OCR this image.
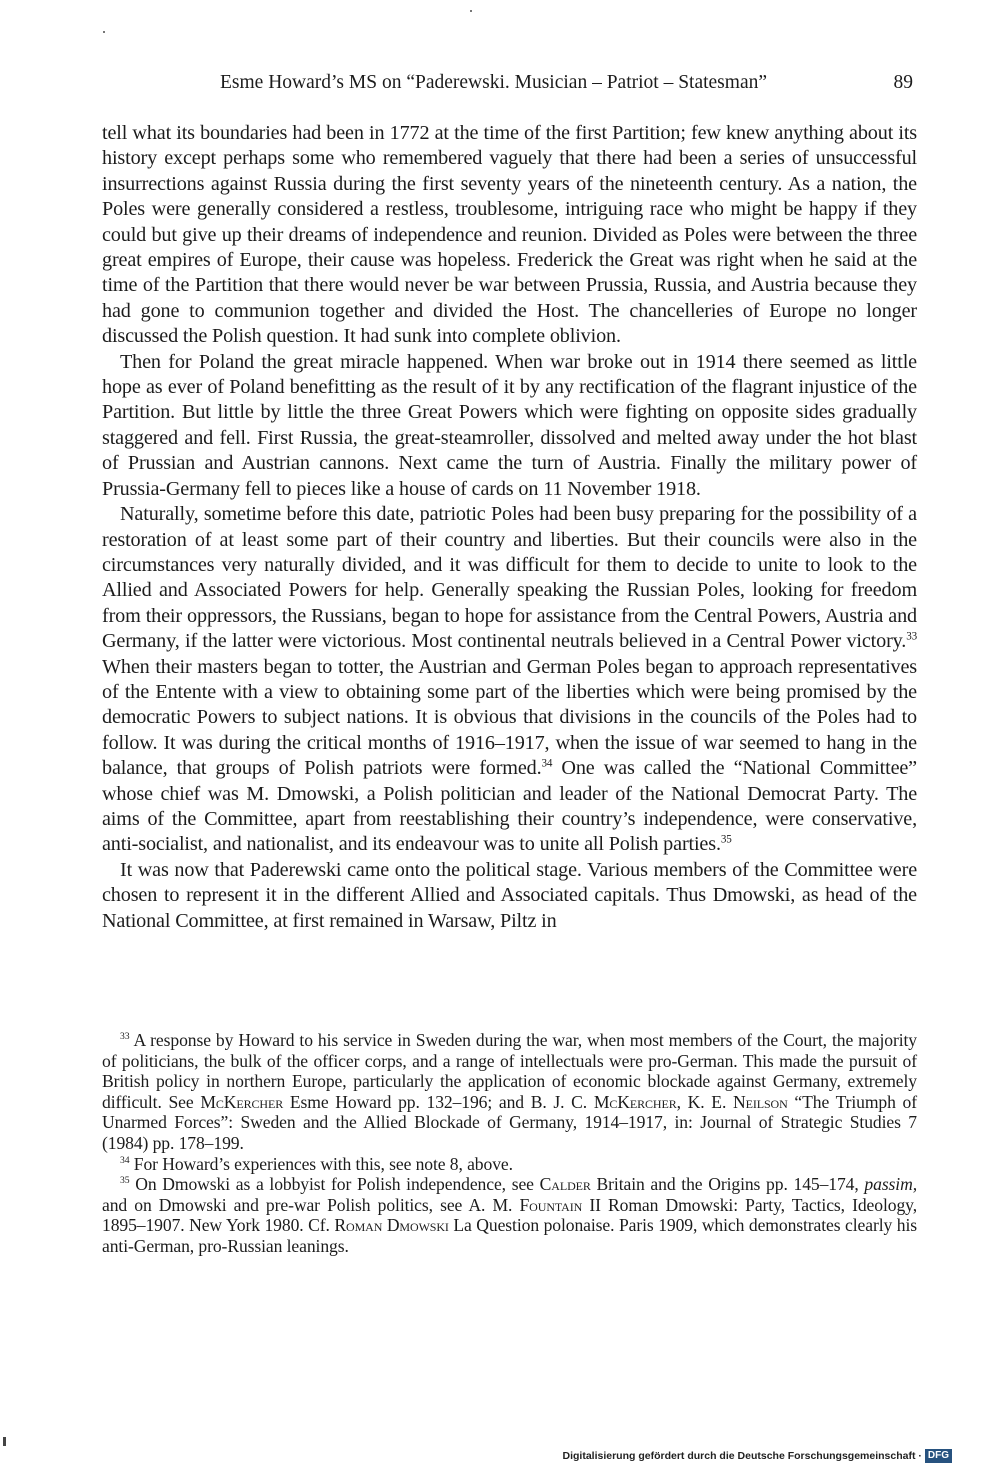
Esme Howard’s MS on “Paderewski. Musician – Patriot – Statesman”	89

tell what its boundaries had been in 1772 at the time of the first Partition; few knew anything about its history except perhaps some who remembered vaguely that there had been a series of unsuccessful insurrections against Russia during the first seventy years of the nineteenth century. As a nation, the Poles were generally considered a restless, troublesome, intriguing race who might be happy if they could but give up their dreams of independence and reunion. Divided as Poles were between the three great empires of Europe, their cause was hopeless. Frederick the Great was right when he said at the time of the Partition that there would never be war between Prussia, Russia, and Austria because they had gone to communion together and divided the Host. The chancelleries of Europe no longer discussed the Polish question. It had sunk into complete oblivion.

Then for Poland the great miracle happened. When war broke out in 1914 there seemed as little hope as ever of Poland benefitting as the result of it by any rectification of the flagrant injustice of the Partition. But little by little the three Great Powers which were fighting on opposite sides gradually staggered and fell. First Russia, the great-steamroller, dissolved and melted away under the hot blast of Prussian and Austrian cannons. Next came the turn of Austria. Finally the military power of Prussia-Germany fell to pieces like a house of cards on 11 November 1918.

Naturally, sometime before this date, patriotic Poles had been busy preparing for the possibility of a restoration of at least some part of their country and liberties. But their councils were also in the circumstances very naturally divided, and it was difficult for them to decide to unite to look to the Allied and Associated Powers for help. Generally speaking the Russian Poles, looking for freedom from their oppressors, the Russians, began to hope for assistance from the Central Powers, Austria and Germany, if the latter were victorious. Most continental neutrals believed in a Central Power victory.$^{33}$ When their masters began to totter, the Austrian and German Poles began to approach representatives of the Entente with a view to obtaining some part of the liberties which were being promised by the democratic Powers to subject nations. It is obvious that divisions in the councils of the Poles had to follow. It was during the critical months of 1916–1917, when the issue of war seemed to hang in the balance, that groups of Polish patriots were formed.$^{34}$ One was called the “National Committee” whose chief was M. Dmowski, a Polish politician and leader of the National Democrat Party. The aims of the Committee, apart from reestablishing their country’s independence, were conservative, anti-socialist, and nationalist, and its endeavour was to unite all Polish parties.$^{35}$

It was now that Paderewski came onto the political stage. Various members of the Committee were chosen to represent it in the different Allied and Associated capitals. Thus Dmowski, as head of the National Committee, at first remained in Warsaw, Piltz in

$^{33}$ A response by Howard to his service in Sweden during the war, when most members of the Court, the majority of politicians, the bulk of the officer corps, and a range of intellectuals were pro-German. This made the pursuit of British policy in northern Europe, particularly the application of economic blockade against Germany, extremely difficult. See McKercher Esme Howard pp. 132–196; and B. J. C. McKercher, K. E. Neilson “The Triumph of Unarmed Forces”: Sweden and the Allied Blockade of Germany, 1914–1917, in: Journal of Strategic Studies 7 (1984) pp. 178–199.

$^{34}$ For Howard’s experiences with this, see note 8, above.

$^{35}$ On Dmowski as a lobbyist for Polish independence, see Calder Britain and the Origins pp. 145–174, passim, and on Dmowski and pre-war Polish politics, see A. M. Fountain II Roman Dmowski: Party, Tactics, Ideology, 1895–1907. New York 1980. Cf. Roman Dmowski La Question polonaise. Paris 1909, which demonstrates clearly his anti-German, pro-Russian leanings.

Digitalisierung gefördert durch die Deutsche Forschungsgemeinschaft · DFG
